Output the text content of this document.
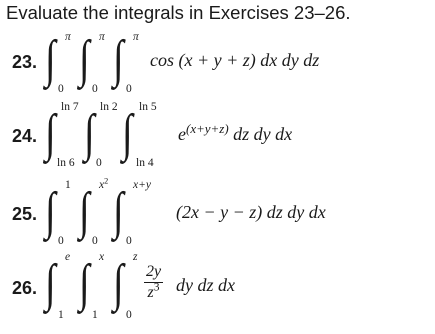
Evaluate the integrals in Exercises 23–26.
23. ∫ ∫ ∫
π
0
π
0
π
0
cos (x + y + z) dx dy dz
24. ∫ ∫ ∫
ln 7
ln 6
ln 2
0
ln 5
ln 4
$e^{(x+y+z)}$ dz dy dx
25. ∫ ∫ ∫
1
0
$x^2$
0
x+y
0
(2x − y − z) dz dy dx
26. ∫ ∫ ∫
e
1
x
1
z
0
2y
$z^3$ dy dz dx
